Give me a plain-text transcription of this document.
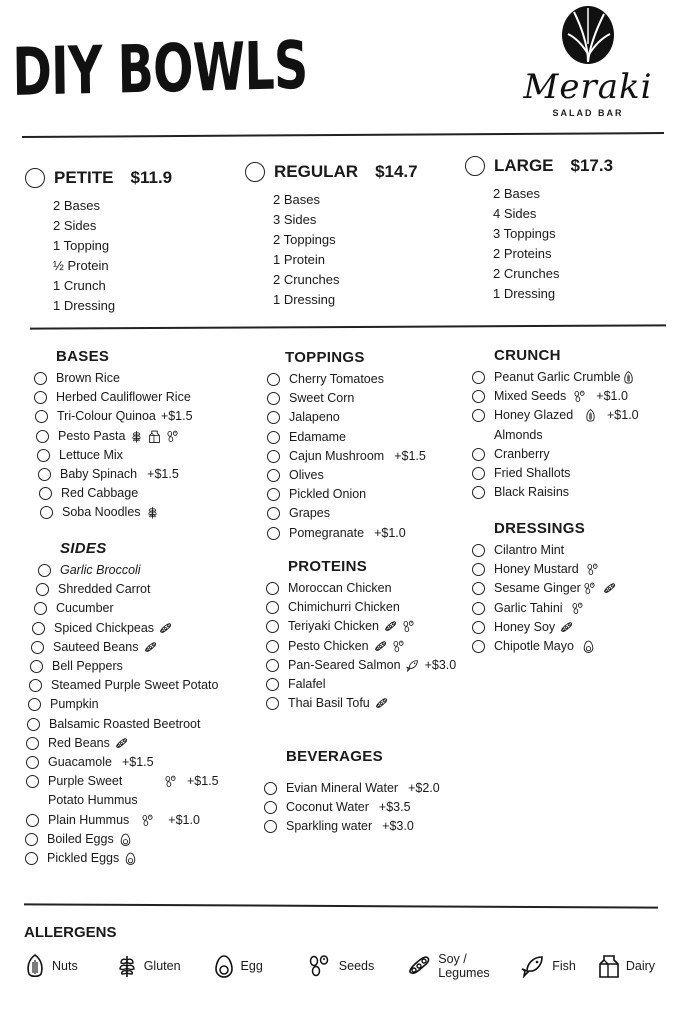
DIY BOWLS	Meraki
SALAD BAR
PETITE $11.9
2 Bases
2 Sides
1 Topping
½ Protein
1 Crunch
1 Dressing
REGULAR $14.7
2 Bases
3 Sides
2 Toppings
1 Protein
2 Crunches
1 Dressing
LARGE $17.3
2 Bases
4 Sides
3 Toppings
2 Proteins
2 Crunches
1 Dressing
BASES
Brown Rice
Herbed Cauliflower Rice
Tri-Colour Quinoa +$1.5
Pesto Pasta
Lettuce Mix
Baby Spinach +$1.5
Red Cabbage
Soba Noodles
SIDES
Garlic Broccoli
Shredded Carrot
Cucumber
Spiced Chickpeas
Sauteed Beans
Bell Peppers
Steamed Purple Sweet Potato
Pumpkin
Balsamic Roasted Beetroot
Red Beans
Guacamole +$1.5
Purple Sweet Potato Hummus
+$1.5
Plain Hummus	+$1.0
Boiled Eggs
Pickled Eggs
TOPPINGS
Cherry Tomatoes
Sweet Corn
Jalapeno
Edamame
Cajun Mushroom +$1.5
Olives
Pickled Onion
Grapes
Pomegranate +$1.0
PROTEINS
Moroccan Chicken
Chimichurri Chicken
Teriyaki Chicken
Pesto Chicken
Pan-Seared Salmon +$3.0
Falafel
Thai Basil Tofu
BEVERAGES
Evian Mineral Water +$2.0
Coconut Water +$3.5
Sparkling water +$3.0
CRUNCH
Peanut Garlic Crumble
Mixed Seeds +$1.0
Honey Glazed Almonds
+$1.0
Cranberry
Fried Shallots
Black Raisins
DRESSINGS
Cilantro Mint
Honey Mustard
Sesame Ginger
Garlic Tahini
Honey Soy
Chipotle Mayo
ALLERGENS
Nuts	Gluten	Egg	Seeds	Soy / Legumes	Fish	Dairy
